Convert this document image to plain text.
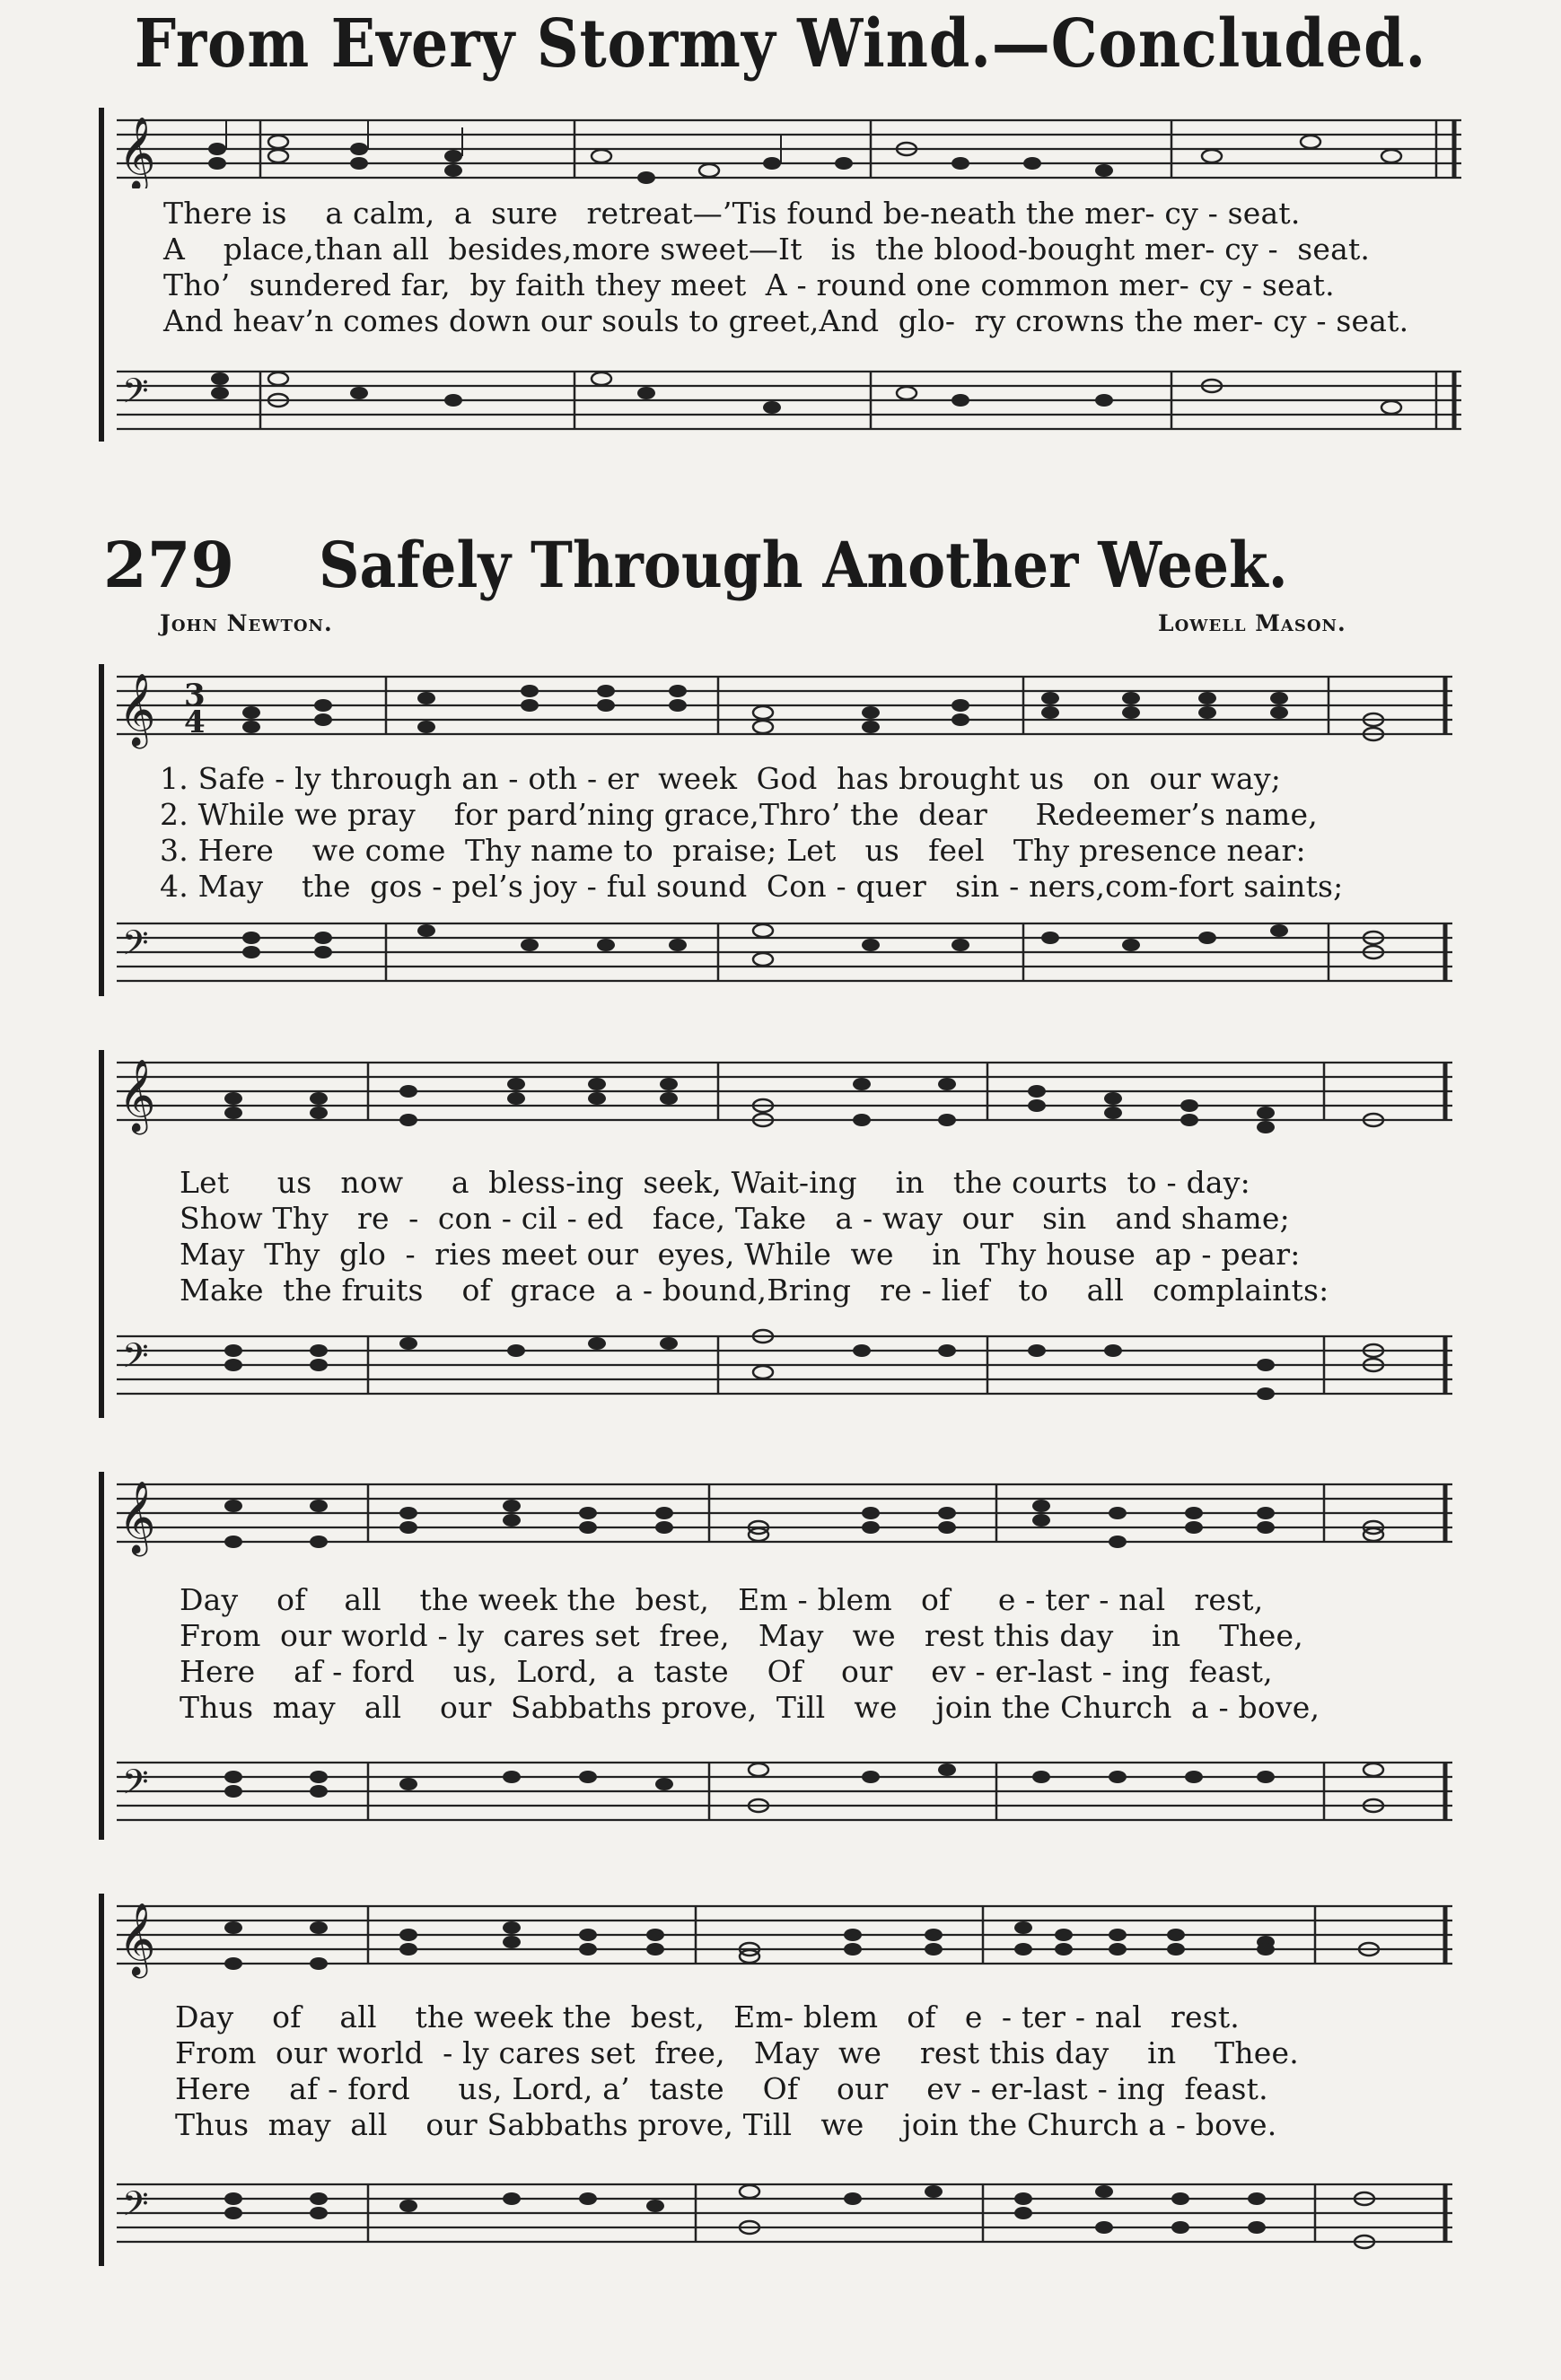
From Every Stormy Wind.—Concluded.
𝄞
There is    a calm,  a  sure   retreat—’Tis found be-neath the mer- cy - seat.
A    place,than all  besides,more sweet—It   is  the blood-bought mer- cy -  seat.
Tho’  sundered far,  by faith they meet  A - round one common mer- cy - seat.
And heav’n comes down our souls to greet,And  glo-  ry crowns the mer- cy - seat.
𝄢
279 Safely Through Another Week.
John Newton.	Lowell Mason.
𝄞 3
4
1. Safe - ly through an - oth - er  week  God  has brought us   on  our way;
2. While we pray    for pard’ning grace,Thro’ the  dear     Redeemer’s name,
3. Here    we come  Thy name to  praise; Let   us   feel   Thy presence near:
4. May    the  gos - pel’s joy - ful sound  Con - quer   sin - ners,com-fort saints;
𝄢
𝄞
Let     us   now     a  bless-ing  seek, Wait-ing    in   the courts  to - day:
Show Thy   re  -  con - cil - ed   face, Take   a - way  our   sin   and shame;
May  Thy  glo  -  ries meet our  eyes, While  we    in  Thy house  ap - pear:
Make  the fruits    of  grace  a - bound,Bring   re - lief   to    all   complaints:
𝄢
𝄞
Day    of    all    the week the  best,   Em - blem   of     e - ter - nal   rest,
From  our world - ly  cares set  free,   May   we   rest this day    in    Thee,
Here    af - ford    us,  Lord,  a  taste    Of    our    ev - er-last - ing  feast,
Thus  may   all    our  Sabbaths prove,  Till   we    join the Church  a - bove,
𝄢
𝄞
Day    of    all    the week the  best,   Em- blem   of   e  - ter - nal   rest.
From  our world  - ly cares set  free,   May  we    rest this day    in    Thee.
Here    af - ford     us, Lord, a’  taste    Of    our    ev - er-last - ing  feast.
Thus  may  all    our Sabbaths prove, Till   we    join the Church a - bove.
𝄢
